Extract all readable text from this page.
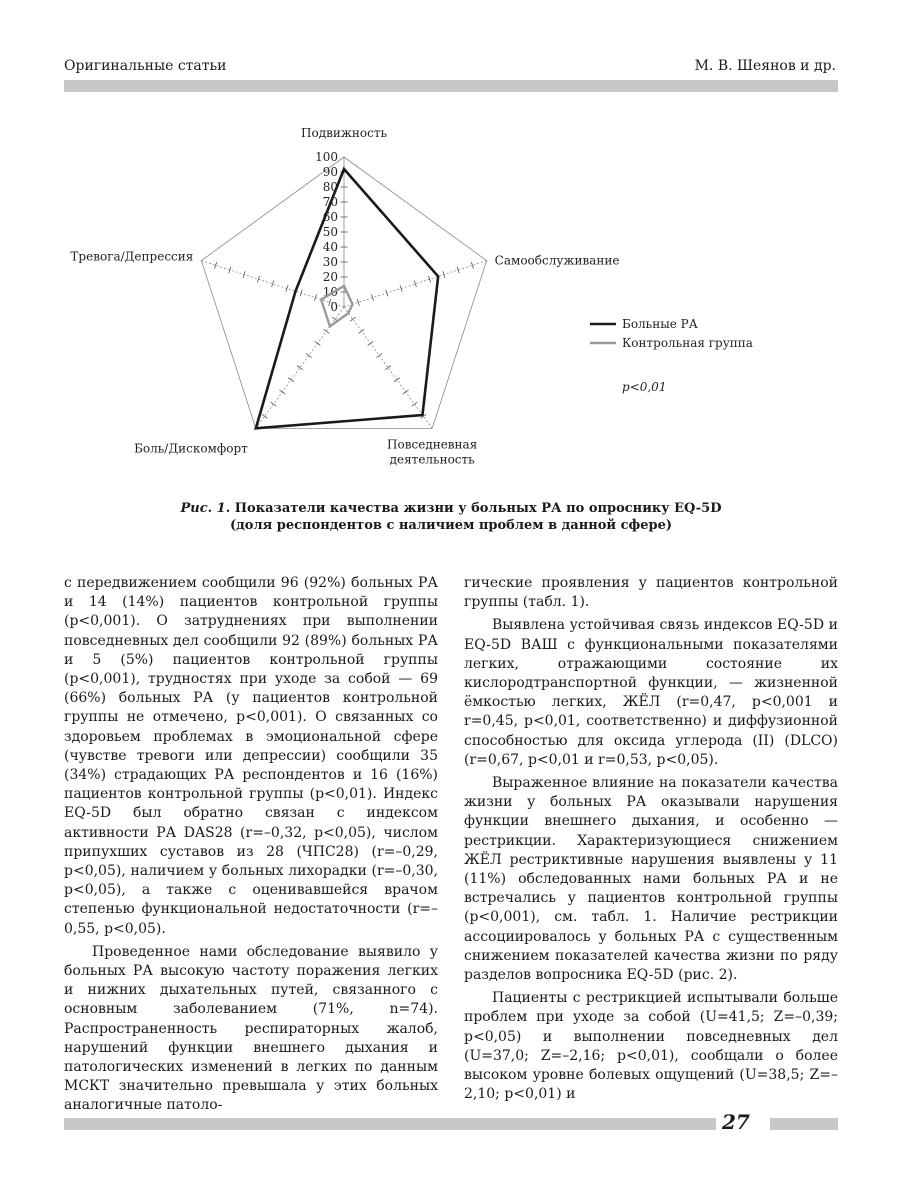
Оригинальные статьи	М. В. Шеянов и др.
0
10
20
30
40
50
60
70
80
90
100
Подвижность
Самообслуживание
Повседневная
деятельность
Боль/Дискомфорт
Тревога/Депрессия
Больные РА
Контрольная группа
p<0,01
Рис. 1. Показатели качества жизни у больных РА по опроснику EQ-5D
(доля респондентов с наличием проблем в данной сфере)

с передвижением сообщили 96 (92%) больных РА и 14 (14%) пациентов контрольной группы (p<0,001). О затруднениях при выполнении повседневных дел сообщили 92 (89%) больных РА и 5 (5%) пациентов контрольной группы (p<0,001), трудностях при уходе за собой — 69 (66%) больных РА (у пациентов контрольной группы не отмечено, p<0,001). О связанных со здоровьем проблемах в эмоциональной сфере (чувстве тревоги или депрессии) сообщили 35 (34%) страдающих РА респондентов и 16 (16%) пациентов контрольной группы (p<0,01). Индекс EQ-5D был обратно связан с индексом активности РА DAS28 (r=–0,32, p<0,05), числом припухших суставов из 28 (ЧПС28) (r=–0,29, p<0,05), наличием у больных лихорадки (r=–0,30, p<0,05), а также с оценивавшейся врачом степенью функциональной недостаточности (r=–0,55, p<0,05).

Проведенное нами обследование выявило у больных РА высокую частоту поражения легких и нижних дыхательных путей, связанного с основным заболеванием (71%, n=74). Распространенность респираторных жалоб, нарушений функции внешнего дыхания и патологических изменений в легких по данным МСКТ значительно превышала у этих больных аналогичные патоло-

гические проявления у пациентов контрольной группы (табл. 1).

Выявлена устойчивая связь индексов EQ-5D и EQ-5D ВАШ с функциональными показателями легких, отражающими состояние их кислородтранспортной функции, — жизненной ёмкостью легких, ЖЁЛ (r=0,47, p<0,001 и r=0,45, p<0,01, соответственно) и диффузионной способностью для оксида углерода (II) (DLCO) (r=0,67, p<0,01 и r=0,53, p<0,05).

Выраженное влияние на показатели качества жизни у больных РА оказывали нарушения функции внешнего дыхания, и особенно — рестрикции. Характеризующиеся снижением ЖЁЛ рестриктивные нарушения выявлены у 11 (11%) обследованных нами больных РА и не встречались у пациентов контрольной группы (p<0,001), см. табл. 1. Наличие рестрикции ассоциировалось у больных РА с существенным снижением показателей качества жизни по ряду разделов вопросника EQ-5D (рис. 2).

Пациенты с рестрикцией испытывали больше проблем при уходе за собой (U=41,5; Z=–0,39; p<0,05) и выполнении повседневных дел (U=37,0; Z=–2,16; p<0,01), сообщали о более высоком уровне болевых ощущений (U=38,5; Z=–2,10; p<0,01) и

27
